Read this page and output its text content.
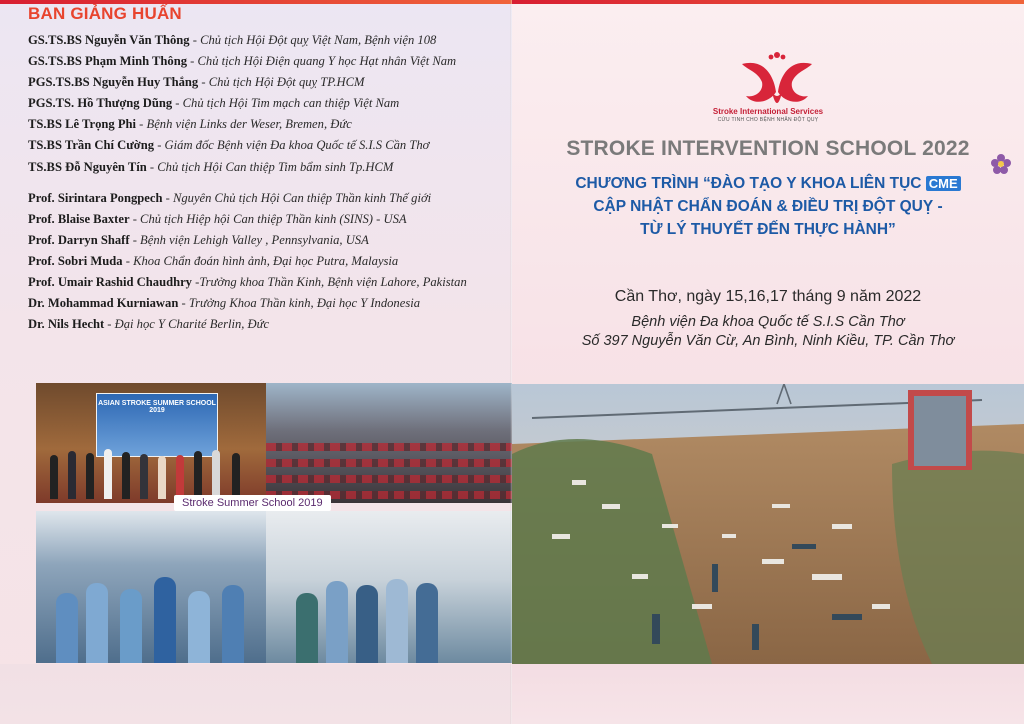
BAN GIẢNG HUẤN
GS.TS.BS Nguyễn Văn Thông - Chủ tịch Hội Đột quỵ Việt Nam, Bệnh viện 108
GS.TS.BS Phạm Minh Thông - Chủ tịch Hội Điện quang Y học Hạt nhân Việt Nam
PGS.TS.BS Nguyễn Huy Thắng - Chủ tịch Hội Đột quỵ TP.HCM
PGS.TS. Hồ Thượng Dũng - Chủ tịch Hội Tim mạch can thiệp Việt Nam
TS.BS Lê Trọng Phi - Bệnh viện Links der Weser, Bremen, Đức
TS.BS Trần Chí Cường - Giám đốc Bệnh viện Đa khoa Quốc tế S.I.S Cần Thơ
TS.BS Đỗ Nguyên Tín - Chủ tịch Hội Can thiệp Tim bẩm sinh Tp.HCM
Prof. Sirintara Pongpech - Nguyên Chủ tịch Hội Can thiệp Thần kinh Thế giới
Prof. Blaise Baxter - Chủ tịch Hiệp hội Can thiệp Thần kinh (SINS) - USA
Prof. Darryn Shaff - Bệnh viện Lehigh Valley , Pennsylvania, USA
Prof. Sobri Muda - Khoa Chẩn đoán hình ảnh, Đại học Putra, Malaysia
Prof. Umair Rashid Chaudhry -Trưởng khoa Thần Kinh, Bệnh viện Lahore, Pakistan
Dr. Mohammad Kurniawan - Trưởng Khoa Thần kinh, Đại học Y Indonesia
Dr. Nils Hecht - Đại học Y Charité Berlin, Đức
ASIAN STROKE SUMMER SCHOOL 2019
Stroke Summer School 2019
Stroke International Services
CỨU TINH CHO BỆNH NHÂN ĐỘT QUỴ
STROKE INTERVENTION SCHOOL 2022
CHƯƠNG TRÌNH “ĐÀO TẠO Y KHOA LIÊN TỤC CME
CẬP NHẬT CHẨN ĐOÁN & ĐIỀU TRỊ ĐỘT QUỴ -
TỪ LÝ THUYẾT ĐẾN THỰC HÀNH”
Cần Thơ, ngày 15,16,17 tháng 9 năm 2022
Bệnh viện Đa khoa Quốc tế S.I.S Cần Thơ
Số 397 Nguyễn Văn Cừ, An Bình, Ninh Kiều, TP. Cần Thơ
